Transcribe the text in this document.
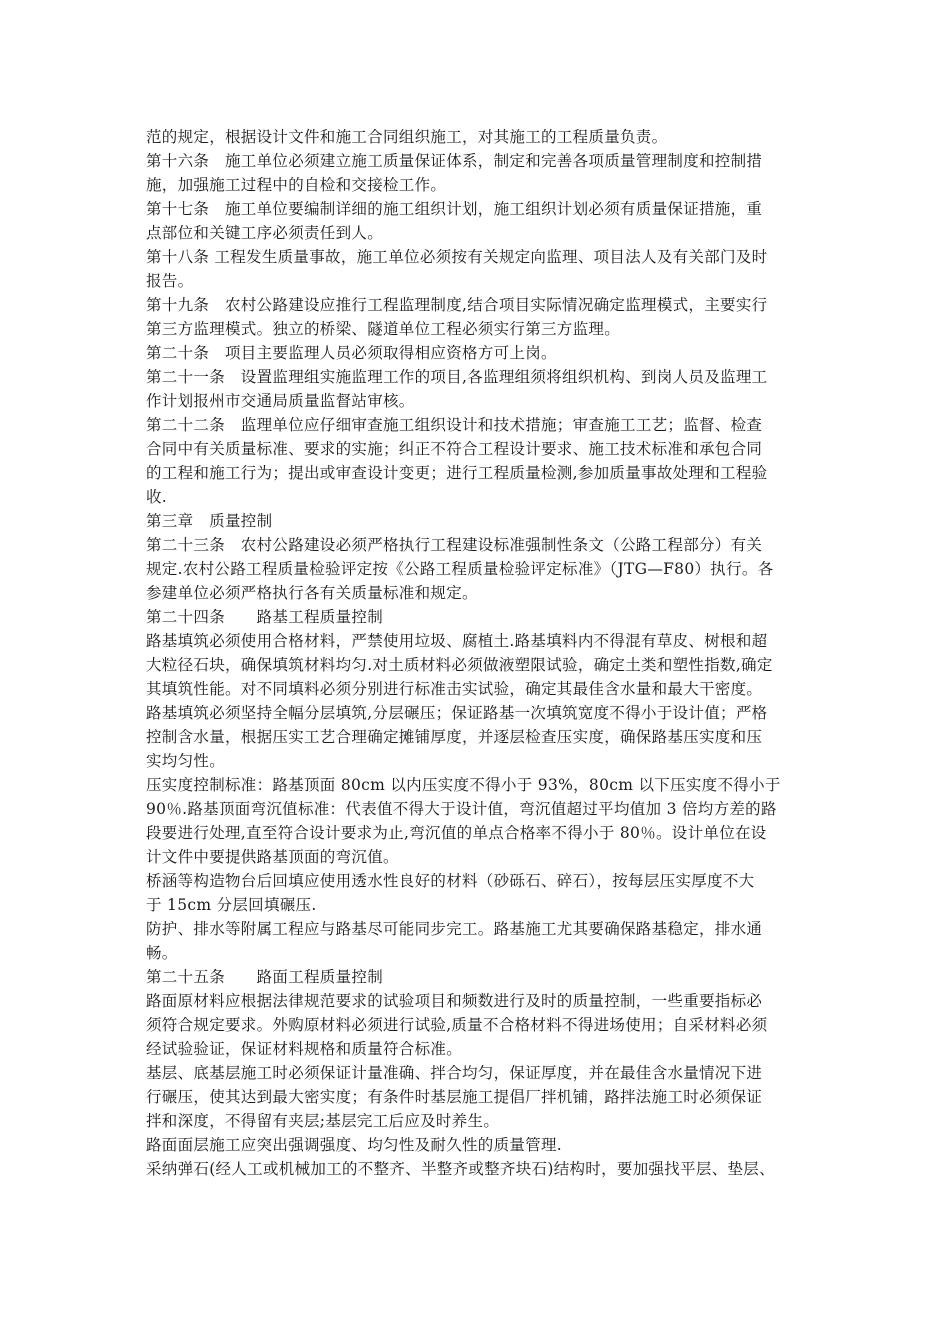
范的规定，根据设计文件和施工合同组织施工，对其施工的工程质量负责。
第十六条　施工单位必须建立施工质量保证体系，制定和完善各项质量管理制度和控制措
施，加强施工过程中的自检和交接检工作。
第十七条　施工单位要编制详细的施工组织计划，施工组织计划必须有质量保证措施，重
点部位和关键工序必须责任到人。
第十八条 工程发生质量事故，施工单位必须按有关规定向监理、项目法人及有关部门及时
报告。
第十九条　农村公路建设应推行工程监理制度,结合项目实际情况确定监理模式，主要实行
第三方监理模式。独立的桥梁、隧道单位工程必须实行第三方监理。
第二十条　项目主要监理人员必须取得相应资格方可上岗。
第二十一条　设置监理组实施监理工作的项目,各监理组须将组织机构、到岗人员及监理工
作计划报州市交通局质量监督站审核。
第二十二条　监理单位应仔细审查施工组织设计和技术措施；审查施工工艺；监督、检查
合同中有关质量标准、要求的实施；纠正不符合工程设计要求、施工技术标准和承包合同
的工程和施工行为；提出或审查设计变更；进行工程质量检测,参加质量事故处理和工程验
收.
第三章　质量控制
第二十三条　农村公路建设必须严格执行工程建设标准强制性条文（公路工程部分）有关
规定.农村公路工程质量检验评定按《公路工程质量检验评定标准》（JTG—F80）执行。各
参建单位必须严格执行各有关质量标准和规定。
第二十四条　　路基工程质量控制
路基填筑必须使用合格材料，严禁使用垃圾、腐植土.路基填料内不得混有草皮、树根和超
大粒径石块，确保填筑材料均匀.对土质材料必须做液塑限试验，确定土类和塑性指数,确定
其填筑性能。对不同填料必须分别进行标准击实试验，确定其最佳含水量和最大干密度。
路基填筑必须坚持全幅分层填筑,分层碾压；保证路基一次填筑宽度不得小于设计值；严格
控制含水量，根据压实工艺合理确定摊铺厚度，并逐层检查压实度，确保路基压实度和压
实均匀性。
压实度控制标准：路基顶面 80cm 以内压实度不得小于 93%，80cm 以下压实度不得小于
90％.路基顶面弯沉值标准：代表值不得大于设计值，弯沉值超过平均值加 3 倍均方差的路
段要进行处理,直至符合设计要求为止,弯沉值的单点合格率不得小于 80％。设计单位在设
计文件中要提供路基顶面的弯沉值。
桥涵等构造物台后回填应使用透水性良好的材料（砂砾石、碎石），按每层压实厚度不大
于 15cm 分层回填碾压.
防护、排水等附属工程应与路基尽可能同步完工。路基施工尤其要确保路基稳定，排水通
畅。
第二十五条　　路面工程质量控制
路面原材料应根据法律规范要求的试验项目和频数进行及时的质量控制，一些重要指标必
须符合规定要求。外购原材料必须进行试验,质量不合格材料不得进场使用；自采材料必须
经试验验证，保证材料规格和质量符合标准。
基层、底基层施工时必须保证计量准确、拌合均匀，保证厚度，并在最佳含水量情况下进
行碾压，使其达到最大密实度；有条件时基层施工提倡厂拌机铺，路拌法施工时必须保证
拌和深度，不得留有夹层;基层完工后应及时养生。
路面面层施工应突出强调强度、均匀性及耐久性的质量管理.
采纳弹石(经人工或机械加工的不整齐、半整齐或整齐块石)结构时，要加强找平层、垫层、
